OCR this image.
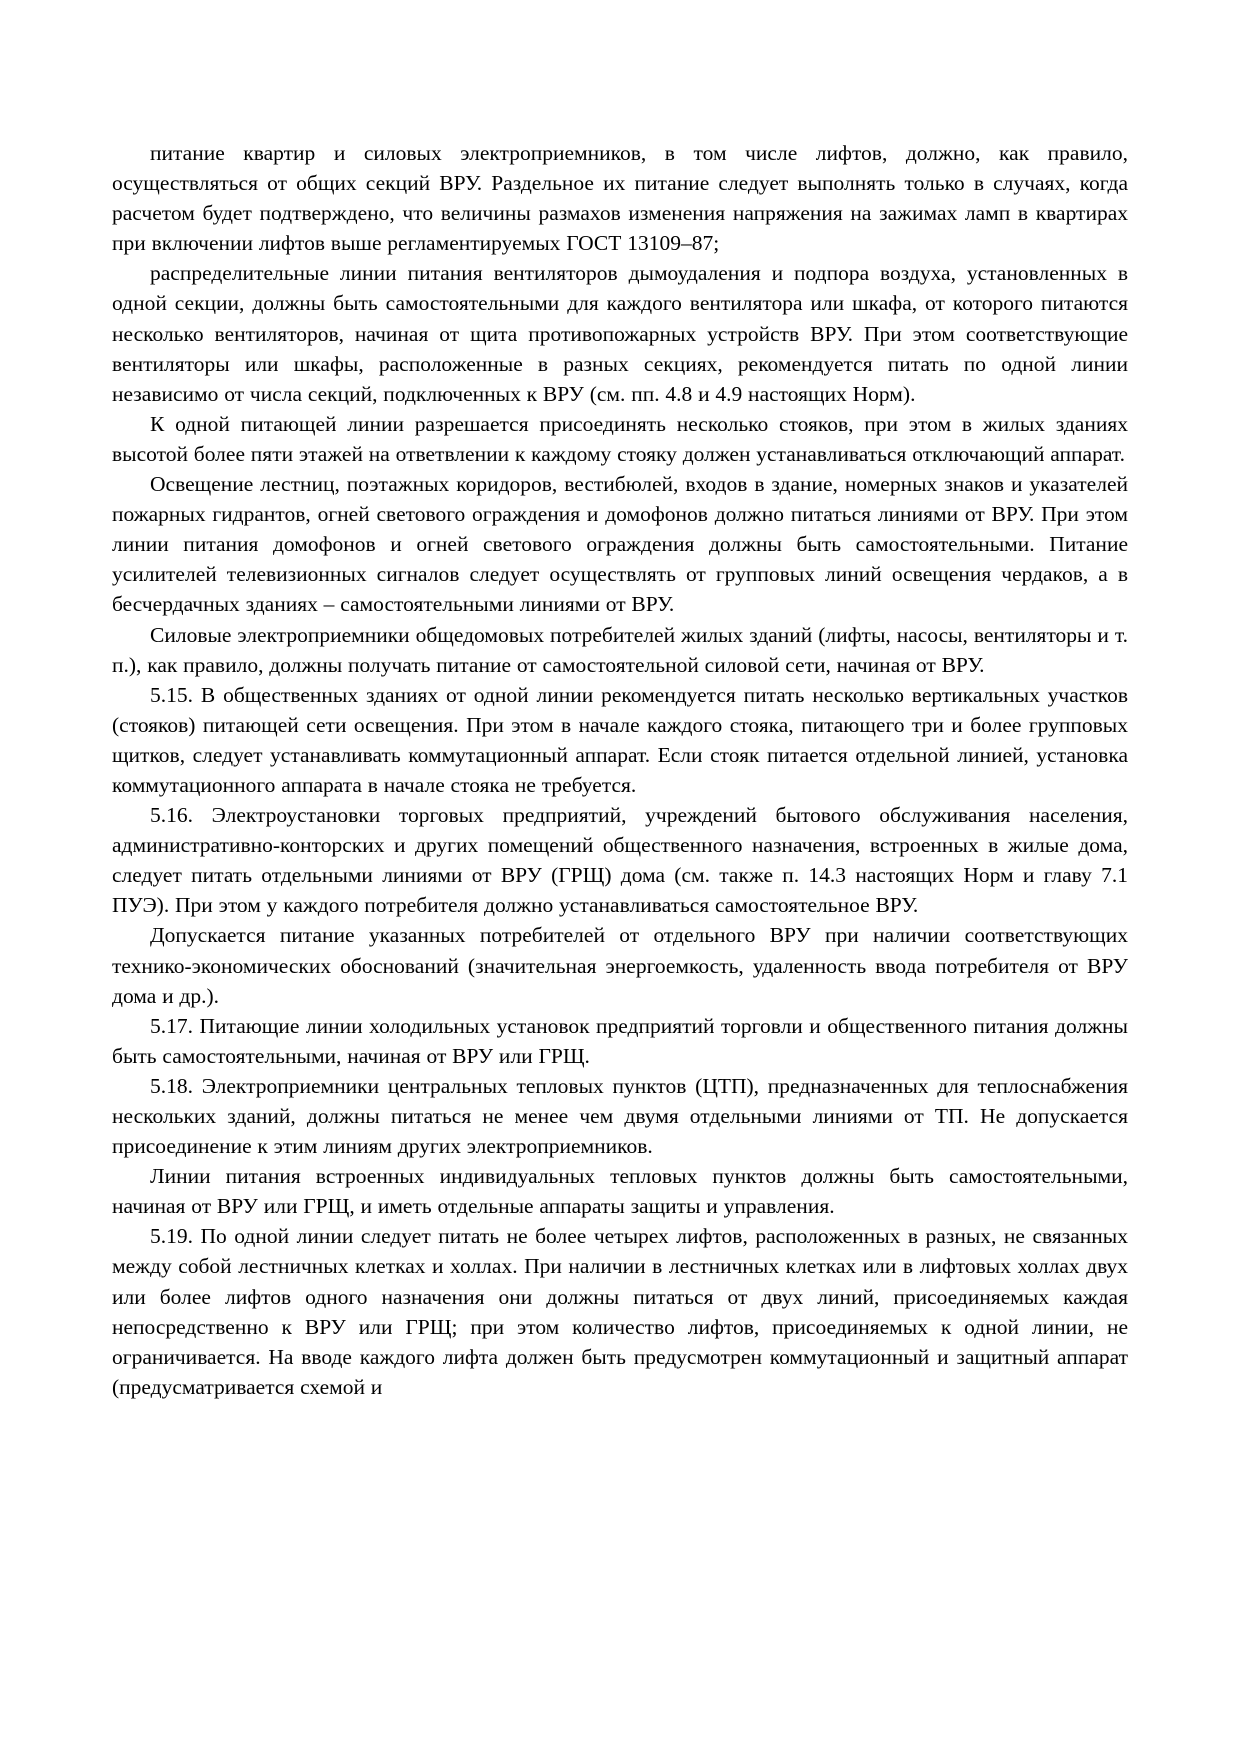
питание квартир и силовых электроприемников, в том числе лифтов, должно, как правило, осуществляться от общих секций ВРУ. Раздельное их питание следует выполнять только в случаях, когда расчетом будет подтверждено, что величины размахов изменения напряжения на зажимах ламп в квартирах при включении лифтов выше регламентируемых ГОСТ 13109–87;

распределительные линии питания вентиляторов дымоудаления и подпора воздуха, установленных в одной секции, должны быть самостоятельными для каждого вентилятора или шкафа, от которого питаются несколько вентиляторов, начиная от щита противопожарных устройств ВРУ. При этом соответствующие вентиляторы или шкафы, расположенные в разных секциях, рекомендуется питать по одной линии независимо от числа секций, подключенных к ВРУ (см. пп. 4.8 и 4.9 настоящих Норм).

К одной питающей линии разрешается присоединять несколько стояков, при этом в жилых зданиях высотой более пяти этажей на ответвлении к каждому стояку должен устанавливаться отключающий аппарат.

Освещение лестниц, поэтажных коридоров, вестибюлей, входов в здание, номерных знаков и указателей пожарных гидрантов, огней светового ограждения и домофонов должно питаться линиями от ВРУ. При этом линии питания домофонов и огней светового ограждения должны быть самостоятельными. Питание усилителей телевизионных сигналов следует осуществлять от групповых линий освещения чердаков, а в бесчердачных зданиях – самостоятельными линиями от ВРУ.

Силовые электроприемники общедомовых потребителей жилых зданий (лифты, насосы, вентиляторы и т. п.), как правило, должны получать питание от самостоятельной силовой сети, начиная от ВРУ.

5.15. В общественных зданиях от одной линии рекомендуется питать несколько вертикальных участков (стояков) питающей сети освещения. При этом в начале каждого стояка, питающего три и более групповых щитков, следует устанавливать коммутационный аппарат. Если стояк питается отдельной линией, установка коммутационного аппарата в начале стояка не требуется.

5.16. Электроустановки торговых предприятий, учреждений бытового обслуживания населения, административно-конторских и других помещений общественного назначения, встроенных в жилые дома, следует питать отдельными линиями от ВРУ (ГРЩ) дома (см. также п. 14.3 настоящих Норм и главу 7.1 ПУЭ). При этом у каждого потребителя должно устанавливаться самостоятельное ВРУ.

Допускается питание указанных потребителей от отдельного ВРУ при наличии соответствующих технико-экономических обоснований (значительная энергоемкость, удаленность ввода потребителя от ВРУ дома и др.).

5.17. Питающие линии холодильных установок предприятий торговли и общественного питания должны быть самостоятельными, начиная от ВРУ или ГРЩ.

5.18. Электроприемники центральных тепловых пунктов (ЦТП), предназначенных для теплоснабжения нескольких зданий, должны питаться не менее чем двумя отдельными линиями от ТП. Не допускается присоединение к этим линиям других электроприемников.

Линии питания встроенных индивидуальных тепловых пунктов должны быть самостоятельными, начиная от ВРУ или ГРЩ, и иметь отдельные аппараты защиты и управления.

5.19. По одной линии следует питать не более четырех лифтов, расположенных в разных, не связанных между собой лестничных клетках и холлах. При наличии в лестничных клетках или в лифтовых холлах двух или более лифтов одного назначения они должны питаться от двух линий, присоединяемых каждая непосредственно к ВРУ или ГРЩ; при этом количество лифтов, присоединяемых к одной линии, не ограничивается. На вводе каждого лифта должен быть предусмотрен коммутационный и защитный аппарат (предусматривается схемой и
